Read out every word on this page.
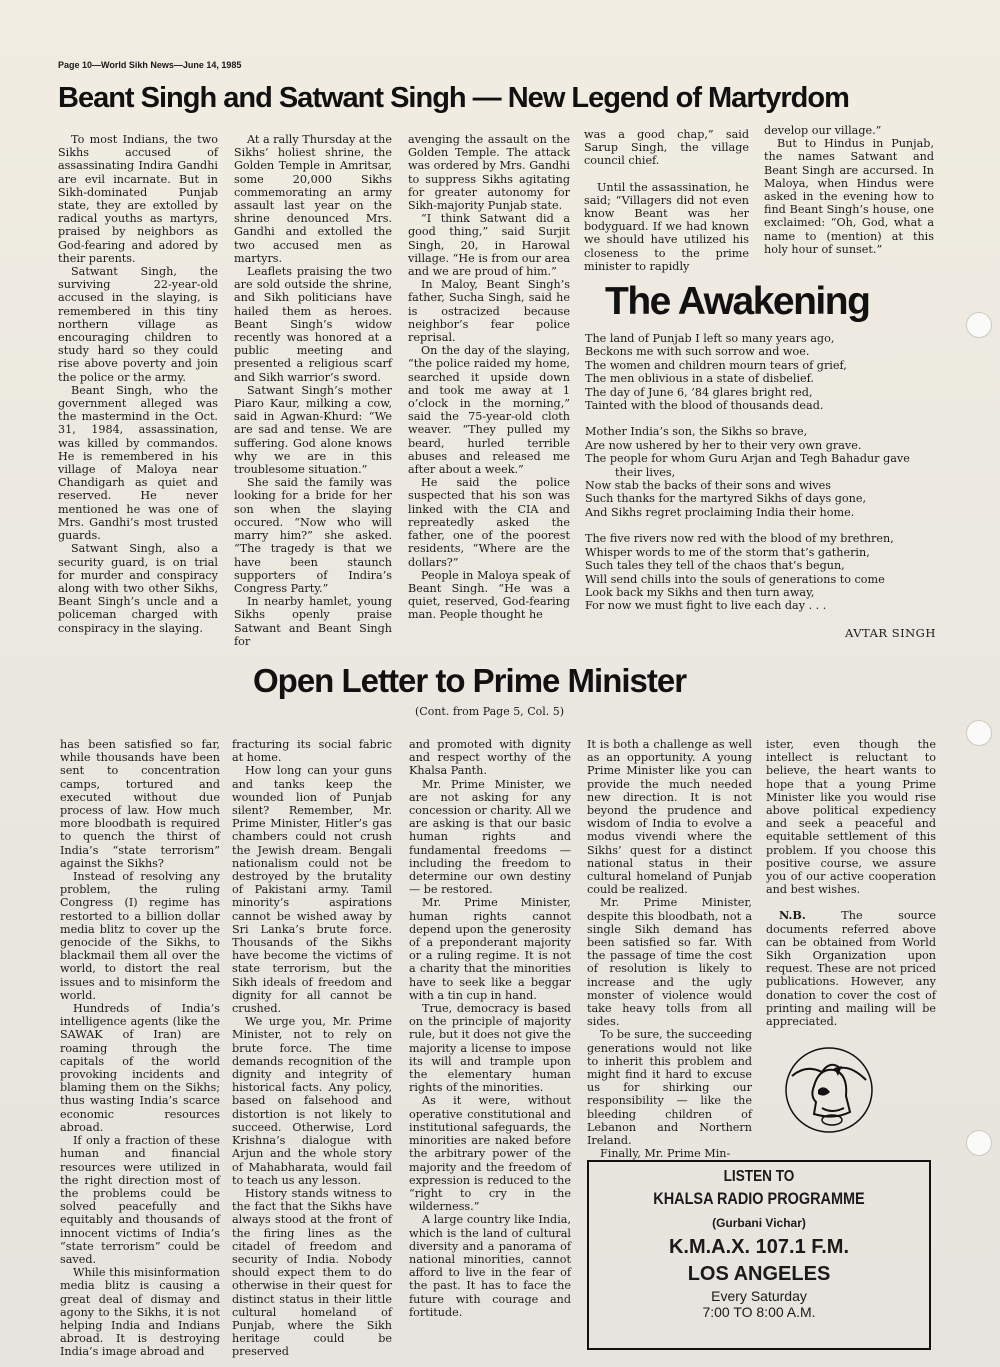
Page 10—World Sikh News—June 14, 1985
Beant Singh and Satwant Singh — New Legend of Martyrdom

To most Indians, the two Sikhs accused of assassinating Indira Gandhi are evil incarnate. But in Sikh-dominated Punjab state, they are extolled by radical youths as martyrs, praised by neighbors as God-fearing and adored by their parents.

Satwant Singh, the surviving 22-year-old accused in the slaying, is remembered in this tiny northern village as encouraging children to study hard so they could rise above poverty and join the police or the army.

Beant Singh, who the government alleged was the mastermind in the Oct. 31, 1984, assassination, was killed by commandos. He is remembered in his village of Maloya near Chandigarh as quiet and reserved. He never mentioned he was one of Mrs. Gandhi’s most trusted guards.

Satwant Singh, also a security guard, is on trial for murder and conspiracy along with two other Sikhs, Beant Singh’s uncle and a policeman charged with conspiracy in the slaying.

At a rally Thursday at the Sikhs’ holiest shrine, the Golden Temple in Amritsar, some 20,000 Sikhs commemorating an army assault last year on the shrine denounced Mrs. Gandhi and extolled the two accused men as martyrs.

Leaflets praising the two are sold outside the shrine, and Sikh politicians have hailed them as heroes. Beant Singh’s widow recently was honored at a public meeting and presented a religious scarf and Sikh warrior’s sword.

Satwant Singh’s mother Piaro Kaur, milking a cow, said in Agwan-Khurd: “We are sad and tense. We are suffering. God alone knows why we are in this troublesome situation.”

She said the family was looking for a bride for her son when the slaying occured. “Now who will marry him?” she asked. “The tragedy is that we have been staunch supporters of Indira’s Congress Party.”

In nearby hamlet, young Sikhs openly praise Satwant and Beant Singh for

avenging the assault on the Golden Temple. The attack was ordered by Mrs. Gandhi to suppress Sikhs agitating for greater autonomy for Sikh-majority Punjab state.

“I think Satwant did a good thing,” said Surjit Singh, 20, in Harowal village. “He is from our area and we are proud of him.”

In Maloy, Beant Singh’s father, Sucha Singh, said he is ostracized because neighbor’s fear police reprisal.

On the day of the slaying, “the police raided my home, searched it upside down and took me away at 1 o’clock in the morning,” said the 75-year-old cloth weaver. “They pulled my beard, hurled terrible abuses and released me after about a week.”

He said the police suspected that his son was linked with the CIA and repreatedly asked the father, one of the poorest residents, “Where are the dollars?”

People in Maloya speak of Beant Singh. “He was a quiet, reserved, God-fearing man. People thought he

was a good chap,” said Sarup Singh, the village council chief.

Until the assassination, he said; “Villagers did not even know Beant was her bodyguard. If we had known we should have utilized his closeness to the prime minister to rapidly

develop our village.”

But to Hindus in Punjab, the names Satwant and Beant Singh are accursed. In Maloya, when Hindus were asked in the evening how to find Beant Singh’s house, one exclaimed: “Oh, God, what a name to (mention) at this holy hour of sunset.”

The Awakening
The land of Punjab I left so many years ago,
Beckons me with such sorrow and woe.
The women and children mourn tears of grief,
The men oblivious in a state of disbelief.
The day of June 6, ’84 glares bright red,
Tainted with the blood of thousands dead.
Mother India’s son, the Sikhs so brave,
Are now ushered by her to their very own grave.
The people for whom Guru Arjan and Tegh Bahadur gave
their lives,
Now stab the backs of their sons and wives
Such thanks for the martyred Sikhs of days gone,
And Sikhs regret proclaiming India their home.
The five rivers now red with the blood of my brethren,
Whisper words to me of the storm that’s gatherin,
Such tales they tell of the chaos that’s begun,
Will send chills into the souls of generations to come
Look back my Sikhs and then turn away,
For now we must fight to live each day . . .
AVTAR SINGH
Open Letter to Prime Minister
(Cont. from Page 5, Col. 5)

has been satisfied so far, while thousands have been sent to concentration camps, tortured and executed without due process of law. How much more bloodbath is required to quench the thirst of India’s “state terrorism” against the Sikhs?

Instead of resolving any problem, the ruling Congress (I) regime has restorted to a billion dollar media blitz to cover up the genocide of the Sikhs, to blackmail them all over the world, to distort the real issues and to misinform the world.

Hundreds of India’s intelligence agents (like the SAWAK of Iran) are roaming through the capitals of the world provoking incidents and blaming them on the Sikhs; thus wasting India’s scarce economic resources abroad.

If only a fraction of these human and financial resources were utilized in the right direction most of the problems could be solved peacefully and equitably and thousands of innocent victims of India’s “state terrorism” could be saved.

While this misinformation media blitz is causing a great deal of dismay and agony to the Sikhs, it is not helping India and Indians abroad. It is destroying India’s image abroad and

fracturing its social fabric at home.

How long can your guns and tanks keep the wounded lion of Punjab silent? Remember, Mr. Prime Minister, Hitler’s gas chambers could not crush the Jewish dream. Bengali nationalism could not be destroyed by the brutality of Pakistani army. Tamil minority’s aspirations cannot be wished away by Sri Lanka’s brute force. Thousands of the Sikhs have become the victims of state terrorism, but the Sikh ideals of freedom and dignity for all cannot be crushed.

We urge you, Mr. Prime Minister, not to rely on brute force. The time demands recognition of the dignity and integrity of historical facts. Any policy, based on falsehood and distortion is not likely to succeed. Otherwise, Lord Krishna’s dialogue with Arjun and the whole story of Mahabharata, would fail to teach us any lesson.

History stands witness to the fact that the Sikhs have always stood at the front of the firing lines as the citadel of freedom and security of India. Nobody should expect them to do otherwise in their quest for distinct status in their little cultural homeland of Punjab, where the Sikh heritage could be preserved

and promoted with dignity and respect worthy of the Khalsa Panth.

Mr. Prime Minister, we are not asking for any concession or charity. All we are asking is that our basic human rights and fundamental freedoms — including the freedom to determine our own destiny — be restored.

Mr. Prime Minister, human rights cannot depend upon the generosity of a preponderant majority or a ruling regime. It is not a charity that the minorities have to seek like a beggar with a tin cup in hand.

True, democracy is based on the principle of majority rule, but it does not give the majority a license to impose its will and trample upon the elementary human rights of the minorities.

As it were, without operative constitutional and institutional safeguards, the minorities are naked before the arbitrary power of the majority and the freedom of expression is reduced to the “right to cry in the wilderness.”

A large country like India, which is the land of cultural diversity and a panorama of national minorities, cannot afford to live in the fear of the past. It has to face the future with courage and fortitude.

It is both a challenge as well as an opportunity. A young Prime Minister like you can provide the much needed new direction. It is not beyond the prudence and wisdom of India to evolve a modus vivendi where the Sikhs’ quest for a distinct national status in their cultural homeland of Punjab could be realized.

Mr. Prime Minister, despite this bloodbath, not a single Sikh demand has been satisfied so far. With the passage of time the cost of resolution is likely to increase and the ugly monster of violence would take heavy tolls from all sides.

To be sure, the succeeding generations would not like to inherit this problem and might find it hard to excuse us for shirking our responsibility — like the bleeding children of Lebanon and Northern Ireland.

Finally, Mr. Prime Min-

ister, even though the intellect is reluctant to believe, the heart wants to hope that a young Prime Minister like you would rise above political expediency and seek a peaceful and equitable settlement of this problem. If you choose this positive course, we assure you of our active cooperation and best wishes.

N.B.	The source documents referred above can be obtained from World Sikh Organization upon request. These are not priced publications. However, any donation to cover the cost of printing and mailing will be appreciated.

LISTEN TO
KHALSA RADIO PROGRAMME
(Gurbani Vichar)
K.M.A.X. 107.1 F.M.
LOS ANGELES
Every Saturday
7:00 TO 8:00 A.M.
